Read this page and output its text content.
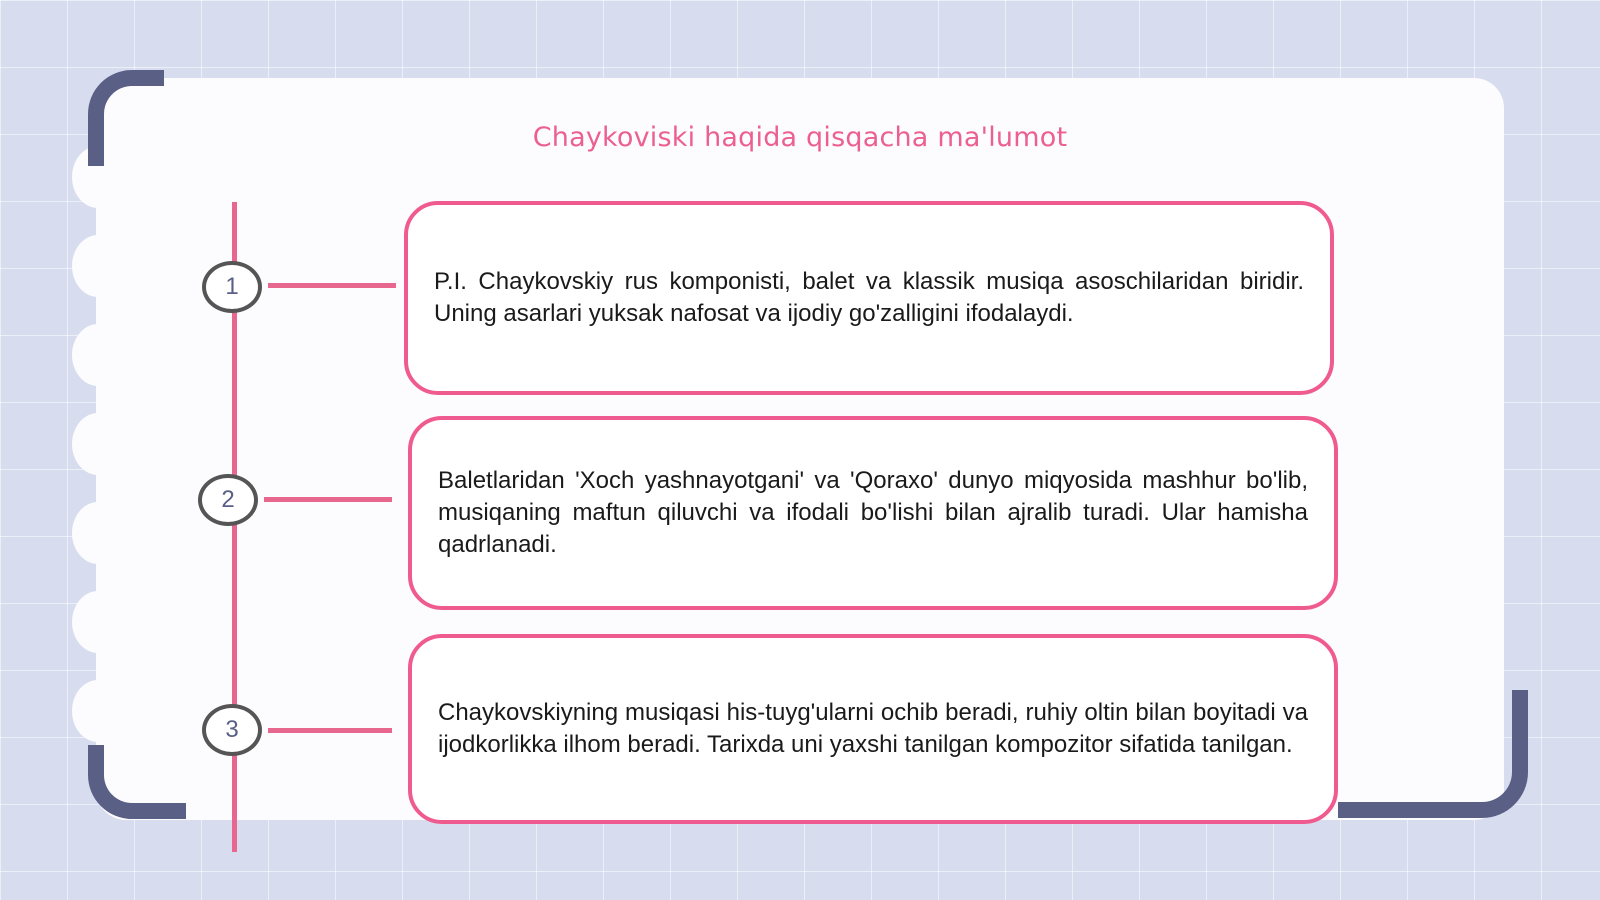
Chaykoviski haqida qisqacha ma'lumot
1
2
3

P.I. Chaykovskiy rus komponisti, balet va klassik musiqa asoschilaridan biridir. Uning asarlari yuksak nafosat va ijodiy go'zalligini ifodalaydi.

Baletlaridan 'Xoch yashnayotgani' va 'Qoraxo' dunyo miqyosida mashhur bo'lib, musiqaning maftun qiluvchi va ifodali bo'lishi bilan ajralib turadi. Ular hamisha qadrlanadi.

Chaykovskiyning musiqasi his-tuyg'ularni ochib beradi, ruhiy oltin bilan boyitadi va ijodkorlikka ilhom beradi. Tarixda uni yaxshi tanilgan kompozitor sifatida tanilgan.
